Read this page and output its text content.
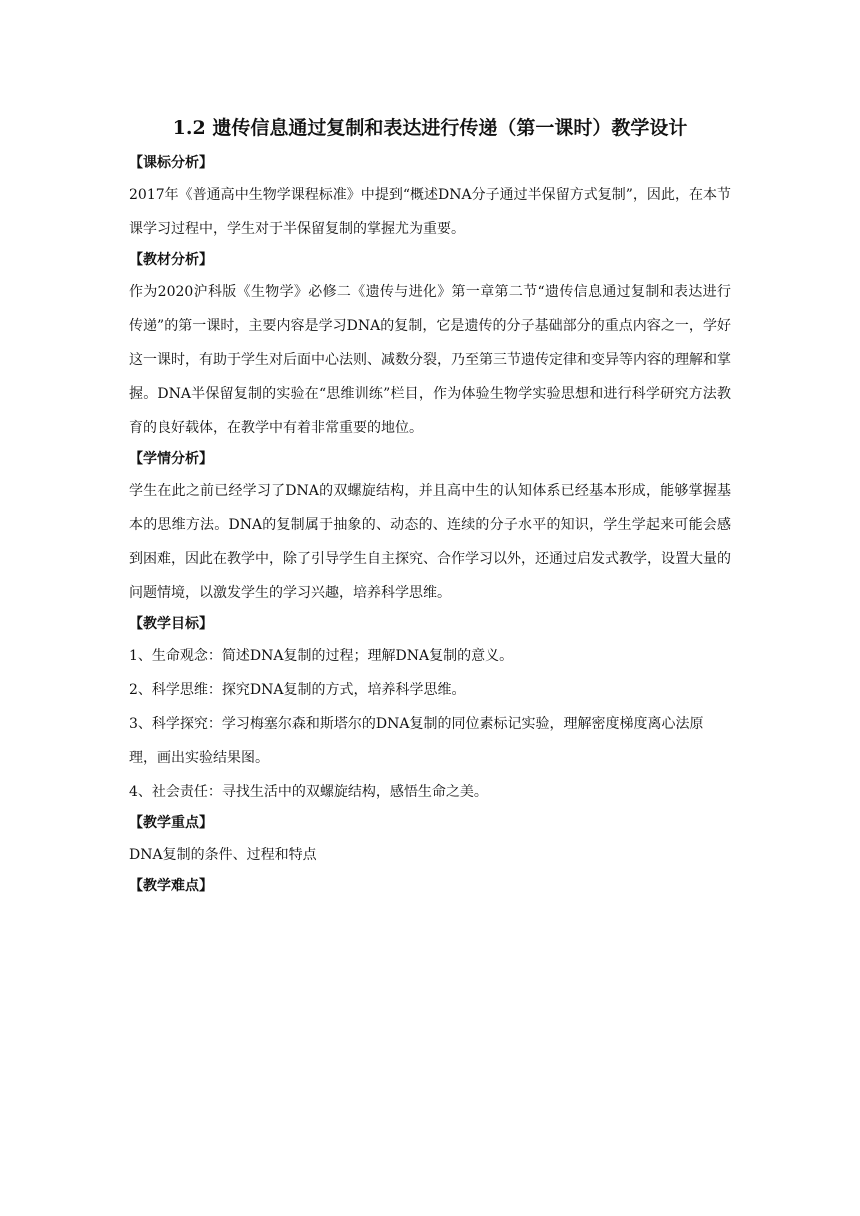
1.2 遗传信息通过复制和表达进行传递（第一课时）教学设计

【课标分析】

2017年《普通高中生物学课程标准》中提到“概述DNA分子通过半保留方式复制”，因此，在本节课学习过程中，学生对于半保留复制的掌握尤为重要。

【教材分析】

作为2020沪科版《生物学》必修二《遗传与进化》第一章第二节“遗传信息通过复制和表达进行传递”的第一课时，主要内容是学习DNA的复制，它是遗传的分子基础部分的重点内容之一，学好这一课时，有助于学生对后面中心法则、减数分裂，乃至第三节遗传定律和变异等内容的理解和掌握。DNA半保留复制的实验在“思维训练”栏目，作为体验生物学实验思想和进行科学研究方法教育的良好载体，在教学中有着非常重要的地位。

【学情分析】

学生在此之前已经学习了DNA的双螺旋结构，并且高中生的认知体系已经基本形成，能够掌握基本的思维方法。DNA的复制属于抽象的、动态的、连续的分子水平的知识，学生学起来可能会感到困难，因此在教学中，除了引导学生自主探究、合作学习以外，还通过启发式教学，设置大量的问题情境，以激发学生的学习兴趣，培养科学思维。

【教学目标】

1、生命观念：简述DNA复制的过程；理解DNA复制的意义。

2、科学思维：探究DNA复制的方式，培养科学思维。

3、科学探究：学习梅塞尔森和斯塔尔的DNA复制的同位素标记实验，理解密度梯度离心法原理，画出实验结果图。

4、社会责任：寻找生活中的双螺旋结构，感悟生命之美。

【教学重点】

DNA复制的条件、过程和特点

【教学难点】
